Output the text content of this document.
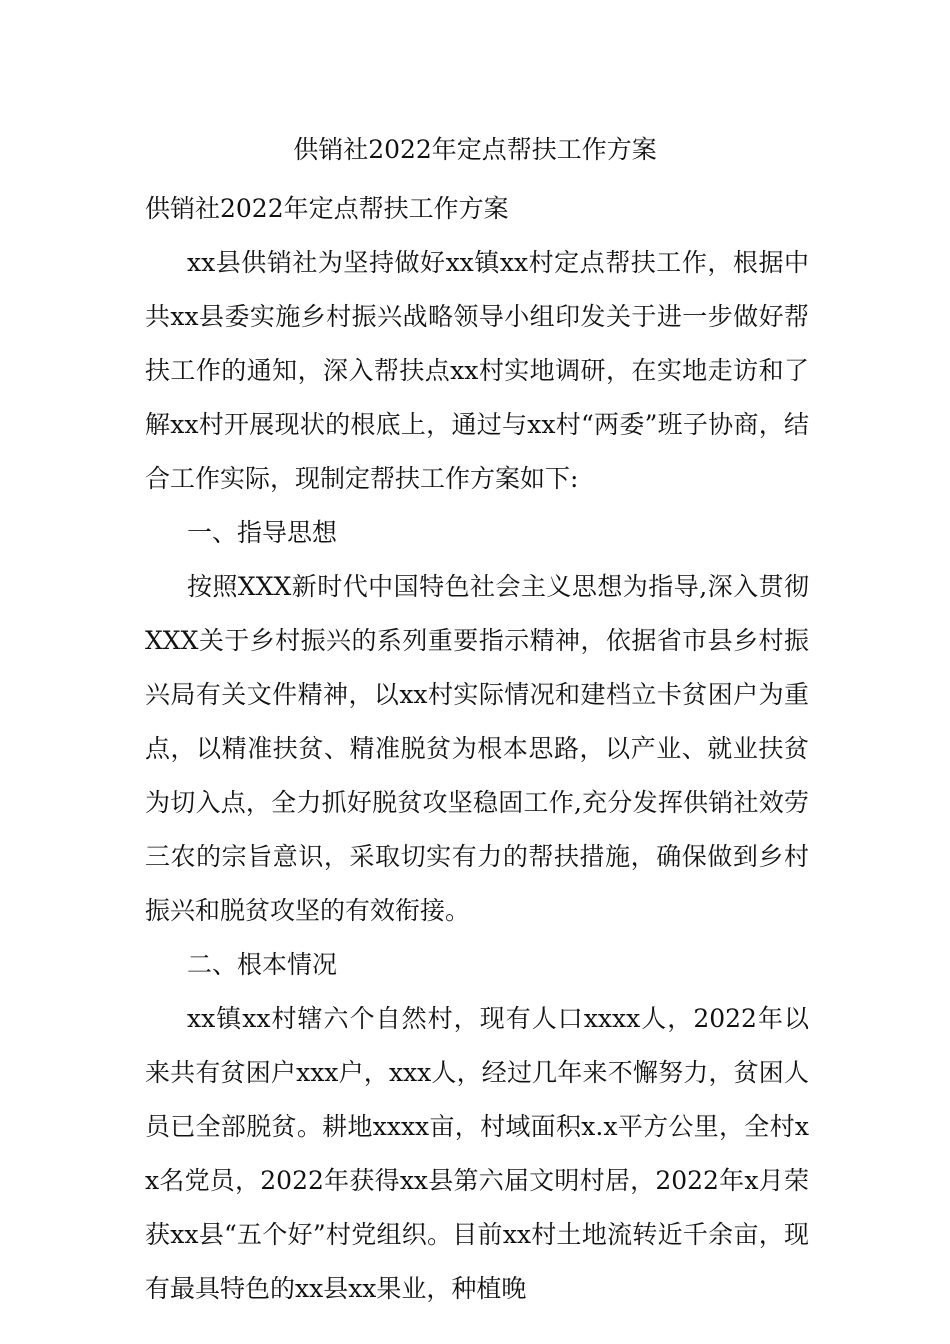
供销社2022年定点帮扶工作方案

供销社2022年定点帮扶工作方案

xx县供销社为坚持做好xx镇xx村定点帮扶工作，根据中共xx县委实施乡村振兴战略领导小组印发关于进一步做好帮扶工作的通知，深入帮扶点xx村实地调研，在实地走访和了解xx村开展现状的根底上，通过与xx村“两委”班子协商，结合工作实际，现制定帮扶工作方案如下:

一、指导思想

按照XXX新时代中国特色社会主义思想为指导,深入贯彻XXX关于乡村振兴的系列重要指示精神，依据省市县乡村振兴局有关文件精神，以xx村实际情况和建档立卡贫困户为重点，以精准扶贫、精准脱贫为根本思路，以产业、就业扶贫为切入点，全力抓好脱贫攻坚稳固工作,充分发挥供销社效劳三农的宗旨意识，采取切实有力的帮扶措施，确保做到乡村振兴和脱贫攻坚的有效衔接。

二、根本情况

xx镇xx村辖六个自然村，现有人口xxxx人，2022年以来共有贫困户xxx户，xxx人，经过几年来不懈努力，贫困人员已全部脱贫。耕地xxxx亩，村域面积x.x平方公里，全村xx名党员，2022年获得xx县第六届文明村居，2022年x月荣获xx县“五个好”村党组织。目前xx村土地流转近千余亩，现有最具特色的xx县xx果业，种植晚
